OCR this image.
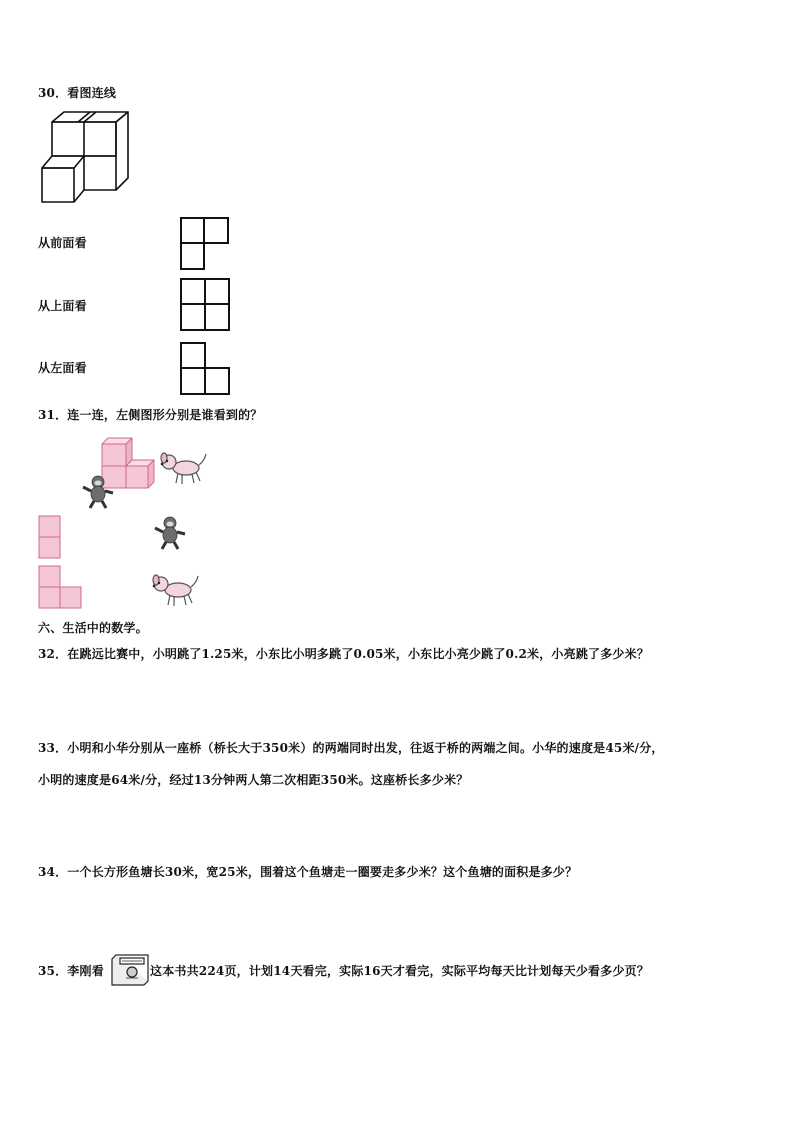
30．看图连线
从前面看
从上面看
从左面看
31．连一连，左侧图形分别是谁看到的？
六、生活中的数学。
32．在跳远比赛中，小明跳了1.25米，小东比小明多跳了0.05米，小东比小亮少跳了0.2米，小亮跳了多少米？
33．小明和小华分别从一座桥（桥长大于350米）的两端同时出发，往返于桥的两端之间。小华的速度是45米/分，
小明的速度是64米/分，经过13分钟两人第二次相距350米。这座桥长多少米？
34．一个长方形鱼塘长30米，宽25米，围着这个鱼塘走一圈要走多少米？这个鱼塘的面积是多少？
35．李刚看	这本书共224页，计划14天看完，实际16天才看完，实际平均每天比计划每天少看多少页？
